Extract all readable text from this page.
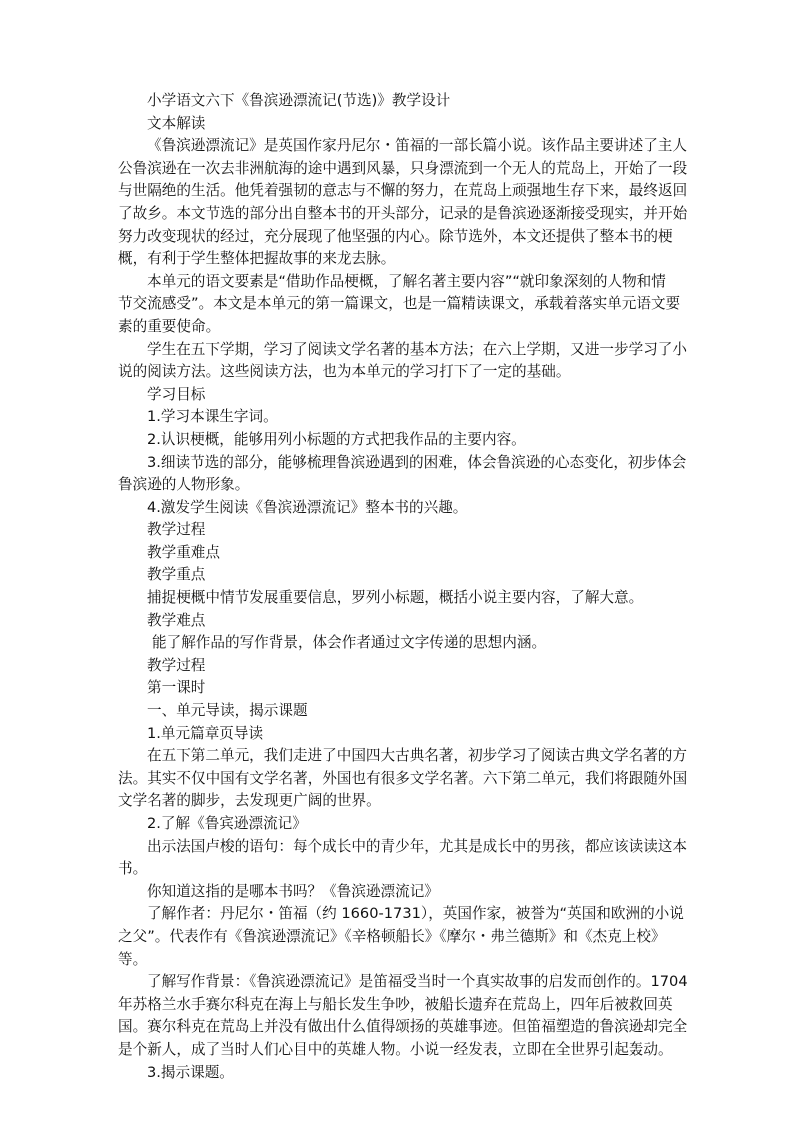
小学语文六下《鲁滨逊漂流记(节选)》教学设计
文本解读
《鲁滨逊漂流记》是英国作家丹尼尔・笛福的一部长篇小说。该作品主要讲述了主人
公鲁滨逊在一次去非洲航海的途中遇到风暴，只身漂流到一个无人的荒岛上，开始了一段
与世隔绝的生活。他凭着强韧的意志与不懈的努力，在荒岛上顽强地生存下来，最终返回
了故乡。本文节选的部分出自整本书的开头部分，记录的是鲁滨逊逐渐接受现实，并开始
努力改变现状的经过，充分展现了他坚强的内心。除节选外，本文还提供了整本书的梗
概，有利于学生整体把握故事的来龙去脉。
本单元的语文要素是“借助作品梗概，了解名著主要内容”“就印象深刻的人物和情
节交流感受”。本文是本单元的第一篇课文，也是一篇精读课文，承载着落实单元语文要
素的重要使命。
学生在五下学期，学习了阅读文学名著的基本方法；在六上学期，又进一步学习了小
说的阅读方法。这些阅读方法，也为本单元的学习打下了一定的基础。
学习目标
1.学习本课生字词。
2.认识梗概，能够用列小标题的方式把我作品的主要内容。
3.细读节选的部分，能够梳理鲁滨逊遇到的困难，体会鲁滨逊的心态变化，初步体会
鲁滨逊的人物形象。
4.激发学生阅读《鲁滨逊漂流记》整本书的兴趣。
教学过程
教学重难点
教学重点
捕捉梗概中情节发展重要信息，罗列小标题，概括小说主要内容，了解大意。
教学难点
能了解作品的写作背景，体会作者通过文字传递的思想内涵。
教学过程
第一课时
一、单元导读，揭示课题
1.单元篇章页导读
在五下第二单元，我们走进了中国四大古典名著，初步学习了阅读古典文学名著的方
法。其实不仅中国有文学名著，外国也有很多文学名著。六下第二单元，我们将跟随外国
文学名著的脚步，去发现更广阔的世界。
2.了解《鲁宾逊漂流记》
出示法国卢梭的语句：每个成长中的青少年，尤其是成长中的男孩，都应该读读这本
书。
你知道这指的是哪本书吗？《鲁滨逊漂流记》
了解作者：丹尼尔・笛福（约 1660-1731），英国作家，被誉为“英国和欧洲的小说
之父”。代表作有《鲁滨逊漂流记》《辛格顿船长》《摩尔・弗兰德斯》和《杰克上校》
等。
了解写作背景：《鲁滨逊漂流记》是笛福受当时一个真实故事的启发而创作的。1704
年苏格兰水手赛尔科克在海上与船长发生争吵，被船长遗弃在荒岛上，四年后被救回英
国。赛尔科克在荒岛上并没有做出什么值得颂扬的英雄事迹。但笛福塑造的鲁滨逊却完全
是个新人，成了当时人们心目中的英雄人物。小说一经发表，立即在全世界引起轰动。
3.揭示课题。
